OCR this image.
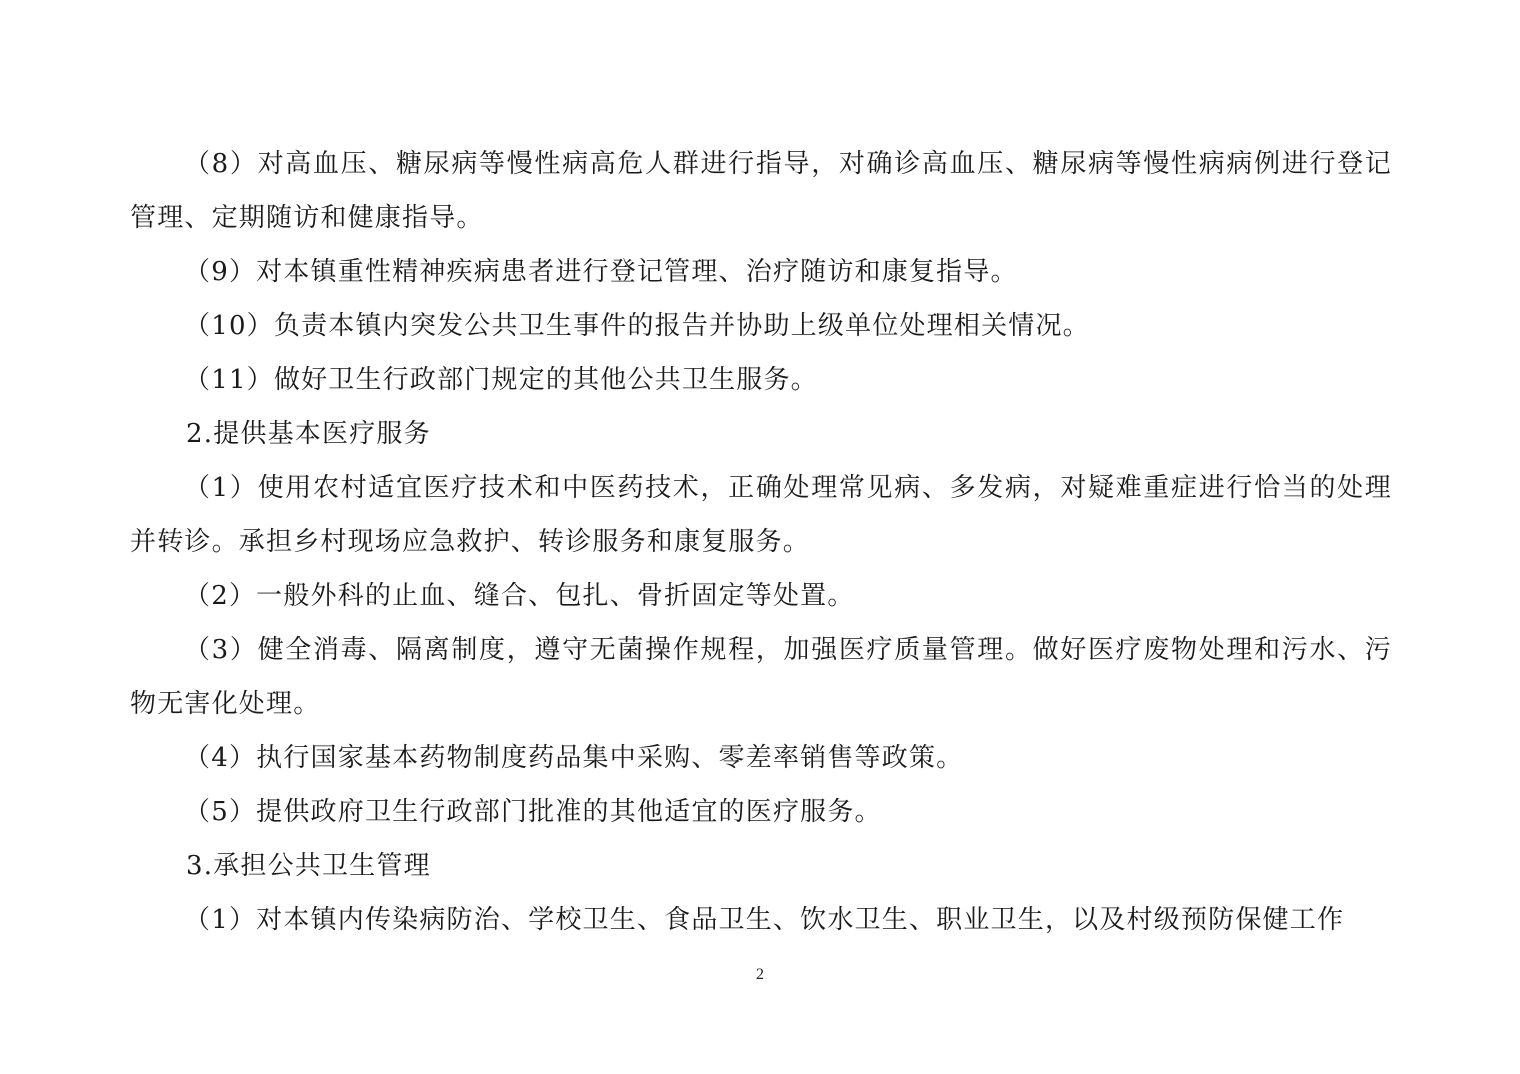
（8）对高血压、糖尿病等慢性病高危人群进行指导，对确诊高血压、糖尿病等慢性病病例进行登记管理、定期随访和健康指导。

（9）对本镇重性精神疾病患者进行登记管理、治疗随访和康复指导。

（10）负责本镇内突发公共卫生事件的报告并协助上级单位处理相关情况。

（11）做好卫生行政部门规定的其他公共卫生服务。

2.提供基本医疗服务

（1）使用农村适宜医疗技术和中医药技术，正确处理常见病、多发病，对疑难重症进行恰当的处理并转诊。承担乡村现场应急救护、转诊服务和康复服务。

（2）一般外科的止血、缝合、包扎、骨折固定等处置。

（3）健全消毒、隔离制度，遵守无菌操作规程，加强医疗质量管理。做好医疗废物处理和污水、污物无害化处理。

（4）执行国家基本药物制度药品集中采购、零差率销售等政策。

（5）提供政府卫生行政部门批准的其他适宜的医疗服务。

3.承担公共卫生管理

（1）对本镇内传染病防治、学校卫生、食品卫生、饮水卫生、职业卫生，以及村级预防保健工作

2
